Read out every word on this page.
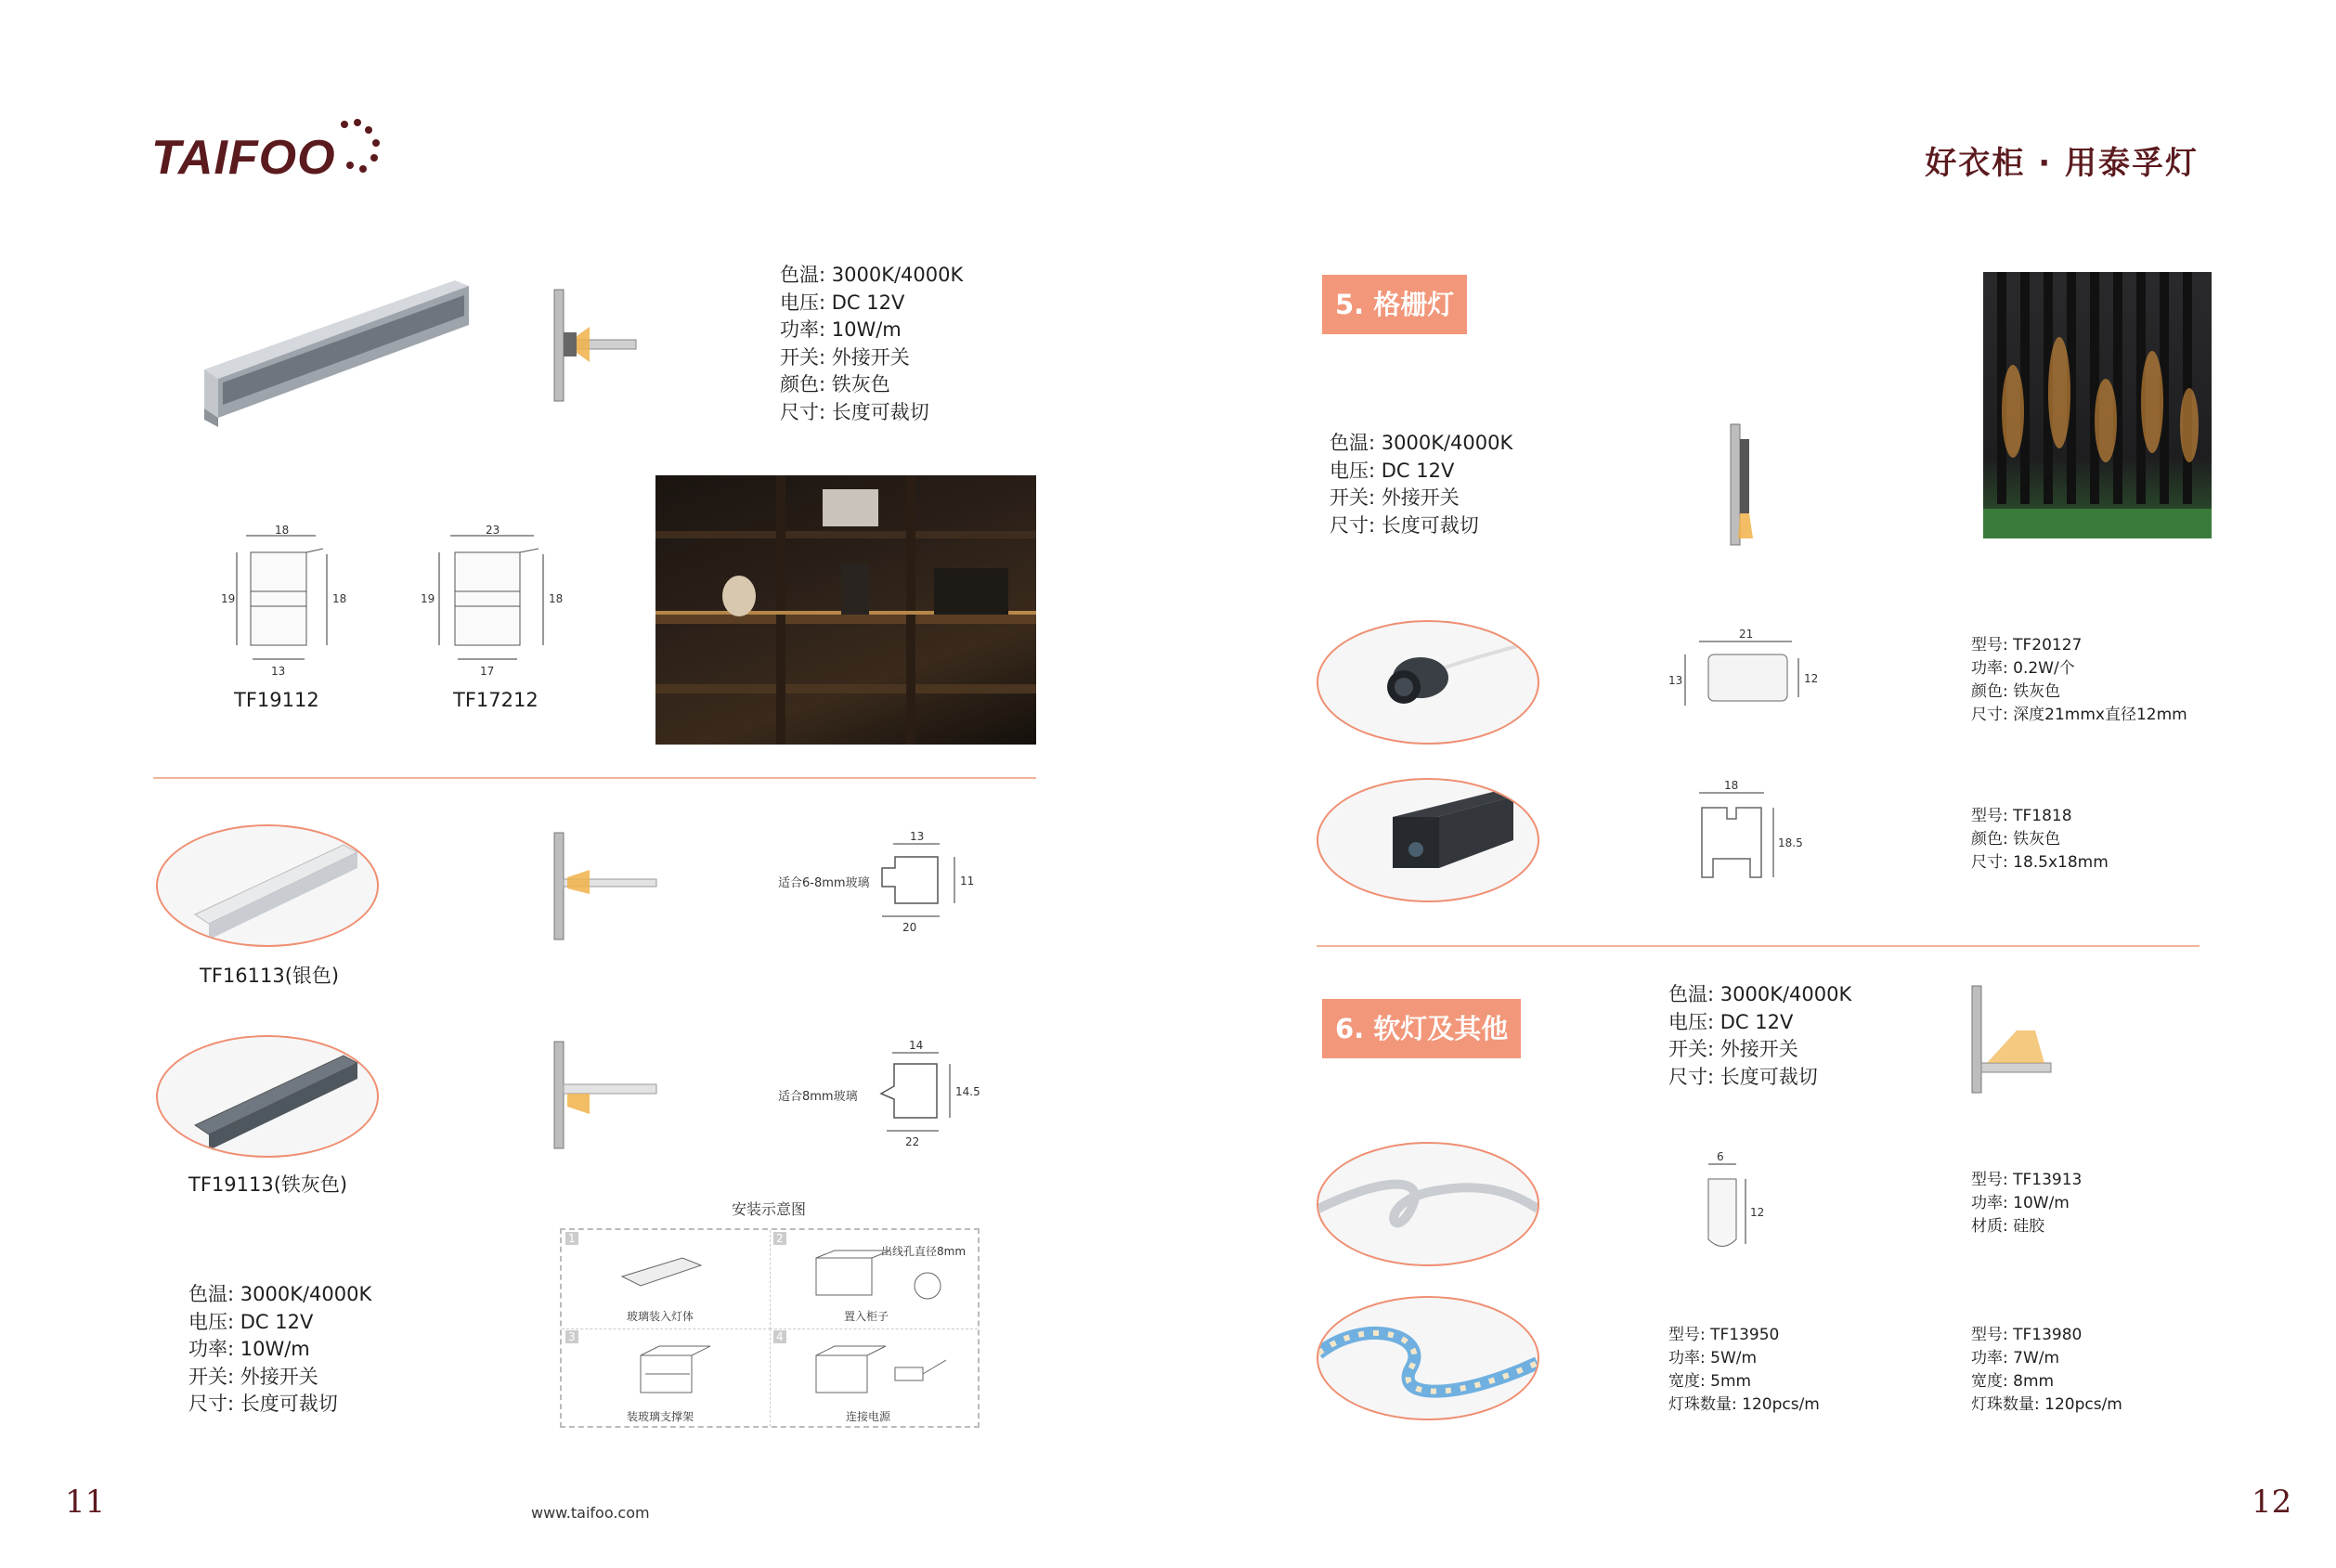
TAIFOO	好衣柜 · 用泰孚灯
色温: 3000K/4000K
电压: DC 12V
功率: 10W/m
开关: 外接开关
颜色: 铁灰色
尺寸: 长度可裁切
18
19	18
13
TF19112
23
19	18
17
TF17212
TF16113(银色)
适合6-8mm玻璃
13
11
20
TF19113(铁灰色)
适合8mm玻璃
14
14.5
22
色温: 3000K/4000K
电压: DC 12V
功率: 10W/m
开关: 外接开关
尺寸: 长度可裁切
安装示意图
1
玻璃装入灯体
2
出线孔直径8mm
置入柜子
3
装玻璃支撑架
4
连接电源
11	www.taifoo.com
5. 格栅灯
色温: 3000K/4000K
电压: DC 12V
开关: 外接开关
尺寸: 长度可裁切
21
13	12
型号: TF20127
功率: 0.2W/个
颜色: 铁灰色
尺寸: 深度21mmx直径12mm
18
18.5
型号: TF1818
颜色: 铁灰色
尺寸: 18.5x18mm
6. 软灯及其他
色温: 3000K/4000K
电压: DC 12V
开关: 外接开关
尺寸: 长度可裁切
6
12
型号: TF13913
功率: 10W/m
材质: 硅胶
型号: TF13950
功率: 5W/m
宽度: 5mm
灯珠数量: 120pcs/m
型号: TF13980
功率: 7W/m
宽度: 8mm
灯珠数量: 120pcs/m
12
